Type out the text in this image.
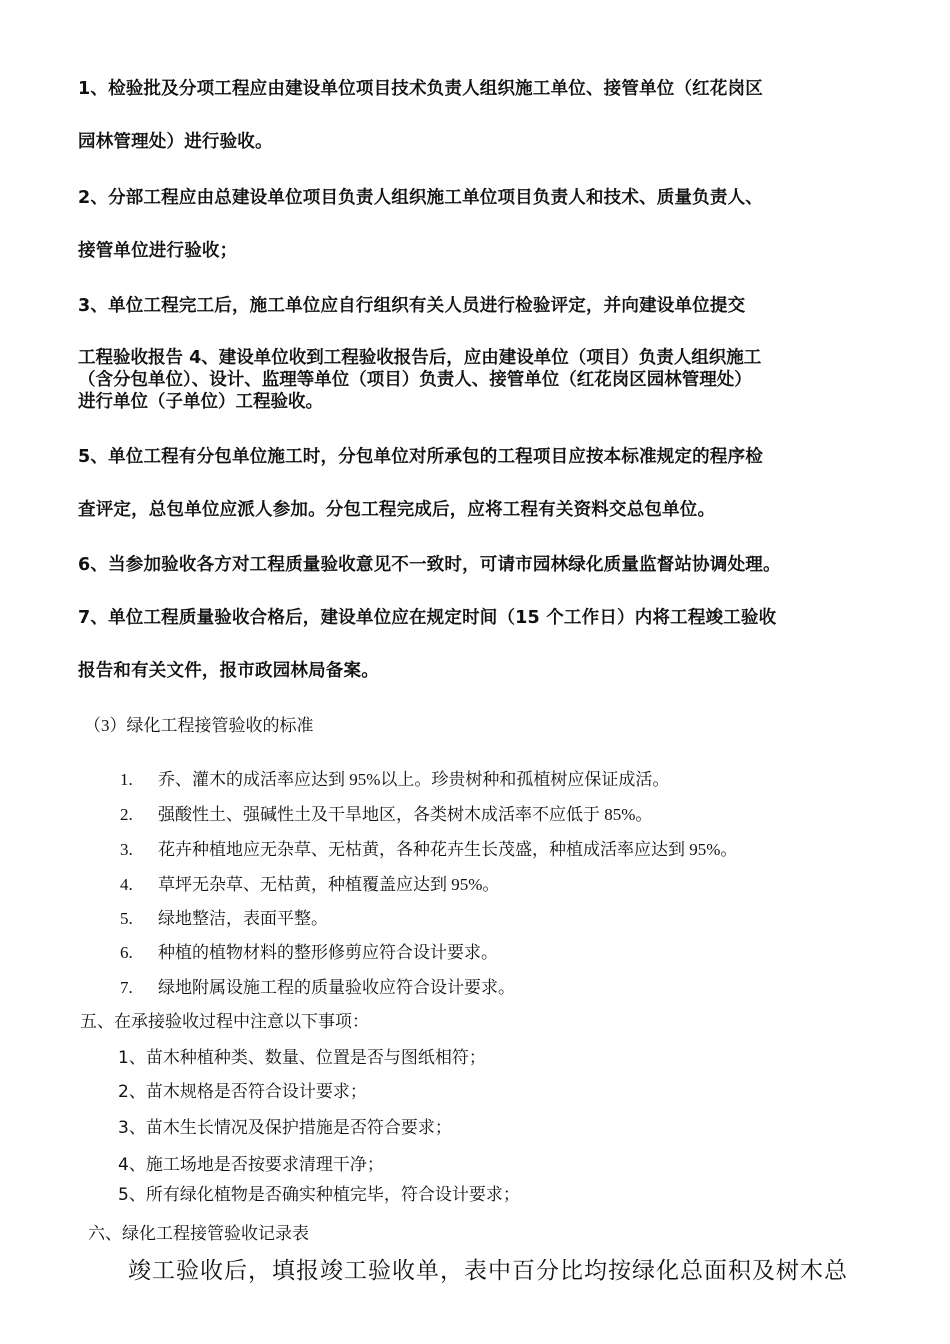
1、检验批及分项工程应由建设单位项目技术负责人组织施工单位、接管单位（红花岗区
园林管理处）进行验收。
2、分部工程应由总建设单位项目负责人组织施工单位项目负责人和技术、质量负责人、
接管单位进行验收；
3、单位工程完工后，施工单位应自行组织有关人员进行检验评定，并向建设单位提交
工程验收报告 4、建设单位收到工程验收报告后，应由建设单位（项目）负责人组织施工
（含分包单位）、设计、监理等单位（项目）负责人、接管单位（红花岗区园林管理处）
进行单位（子单位）工程验收。
5、单位工程有分包单位施工时，分包单位对所承包的工程项目应按本标准规定的程序检
查评定，总包单位应派人参加。分包工程完成后，应将工程有关资料交总包单位。
6、当参加验收各方对工程质量验收意见不一致时，可请市园林绿化质量监督站协调处理。
7、单位工程质量验收合格后，建设单位应在规定时间（15 个工作日）内将工程竣工验收
报告和有关文件，报市政园林局备案。
（3）绿化工程接管验收的标准
1. 乔、灌木的成活率应达到 95%以上。珍贵树种和孤植树应保证成活。
2. 强酸性土、强碱性土及干旱地区，各类树木成活率不应低于 85%。
3. 花卉种植地应无杂草、无枯黄，各种花卉生长茂盛，种植成活率应达到 95%。
4. 草坪无杂草、无枯黄，种植覆盖应达到 95%。
5. 绿地整洁，表面平整。
6. 种植的植物材料的整形修剪应符合设计要求。
7. 绿地附属设施工程的质量验收应符合设计要求。
五、在承接验收过程中注意以下事项：
1、苗木种植种类、数量、位置是否与图纸相符；
2、苗木规格是否符合设计要求；
3、苗木生长情况及保护措施是否符合要求；
4、施工场地是否按要求清理干净；
5、所有绿化植物是否确实种植完毕，符合设计要求；
六、绿化工程接管验收记录表
竣工验收后，填报竣工验收单，表中百分比均按绿化总面积及树木总
